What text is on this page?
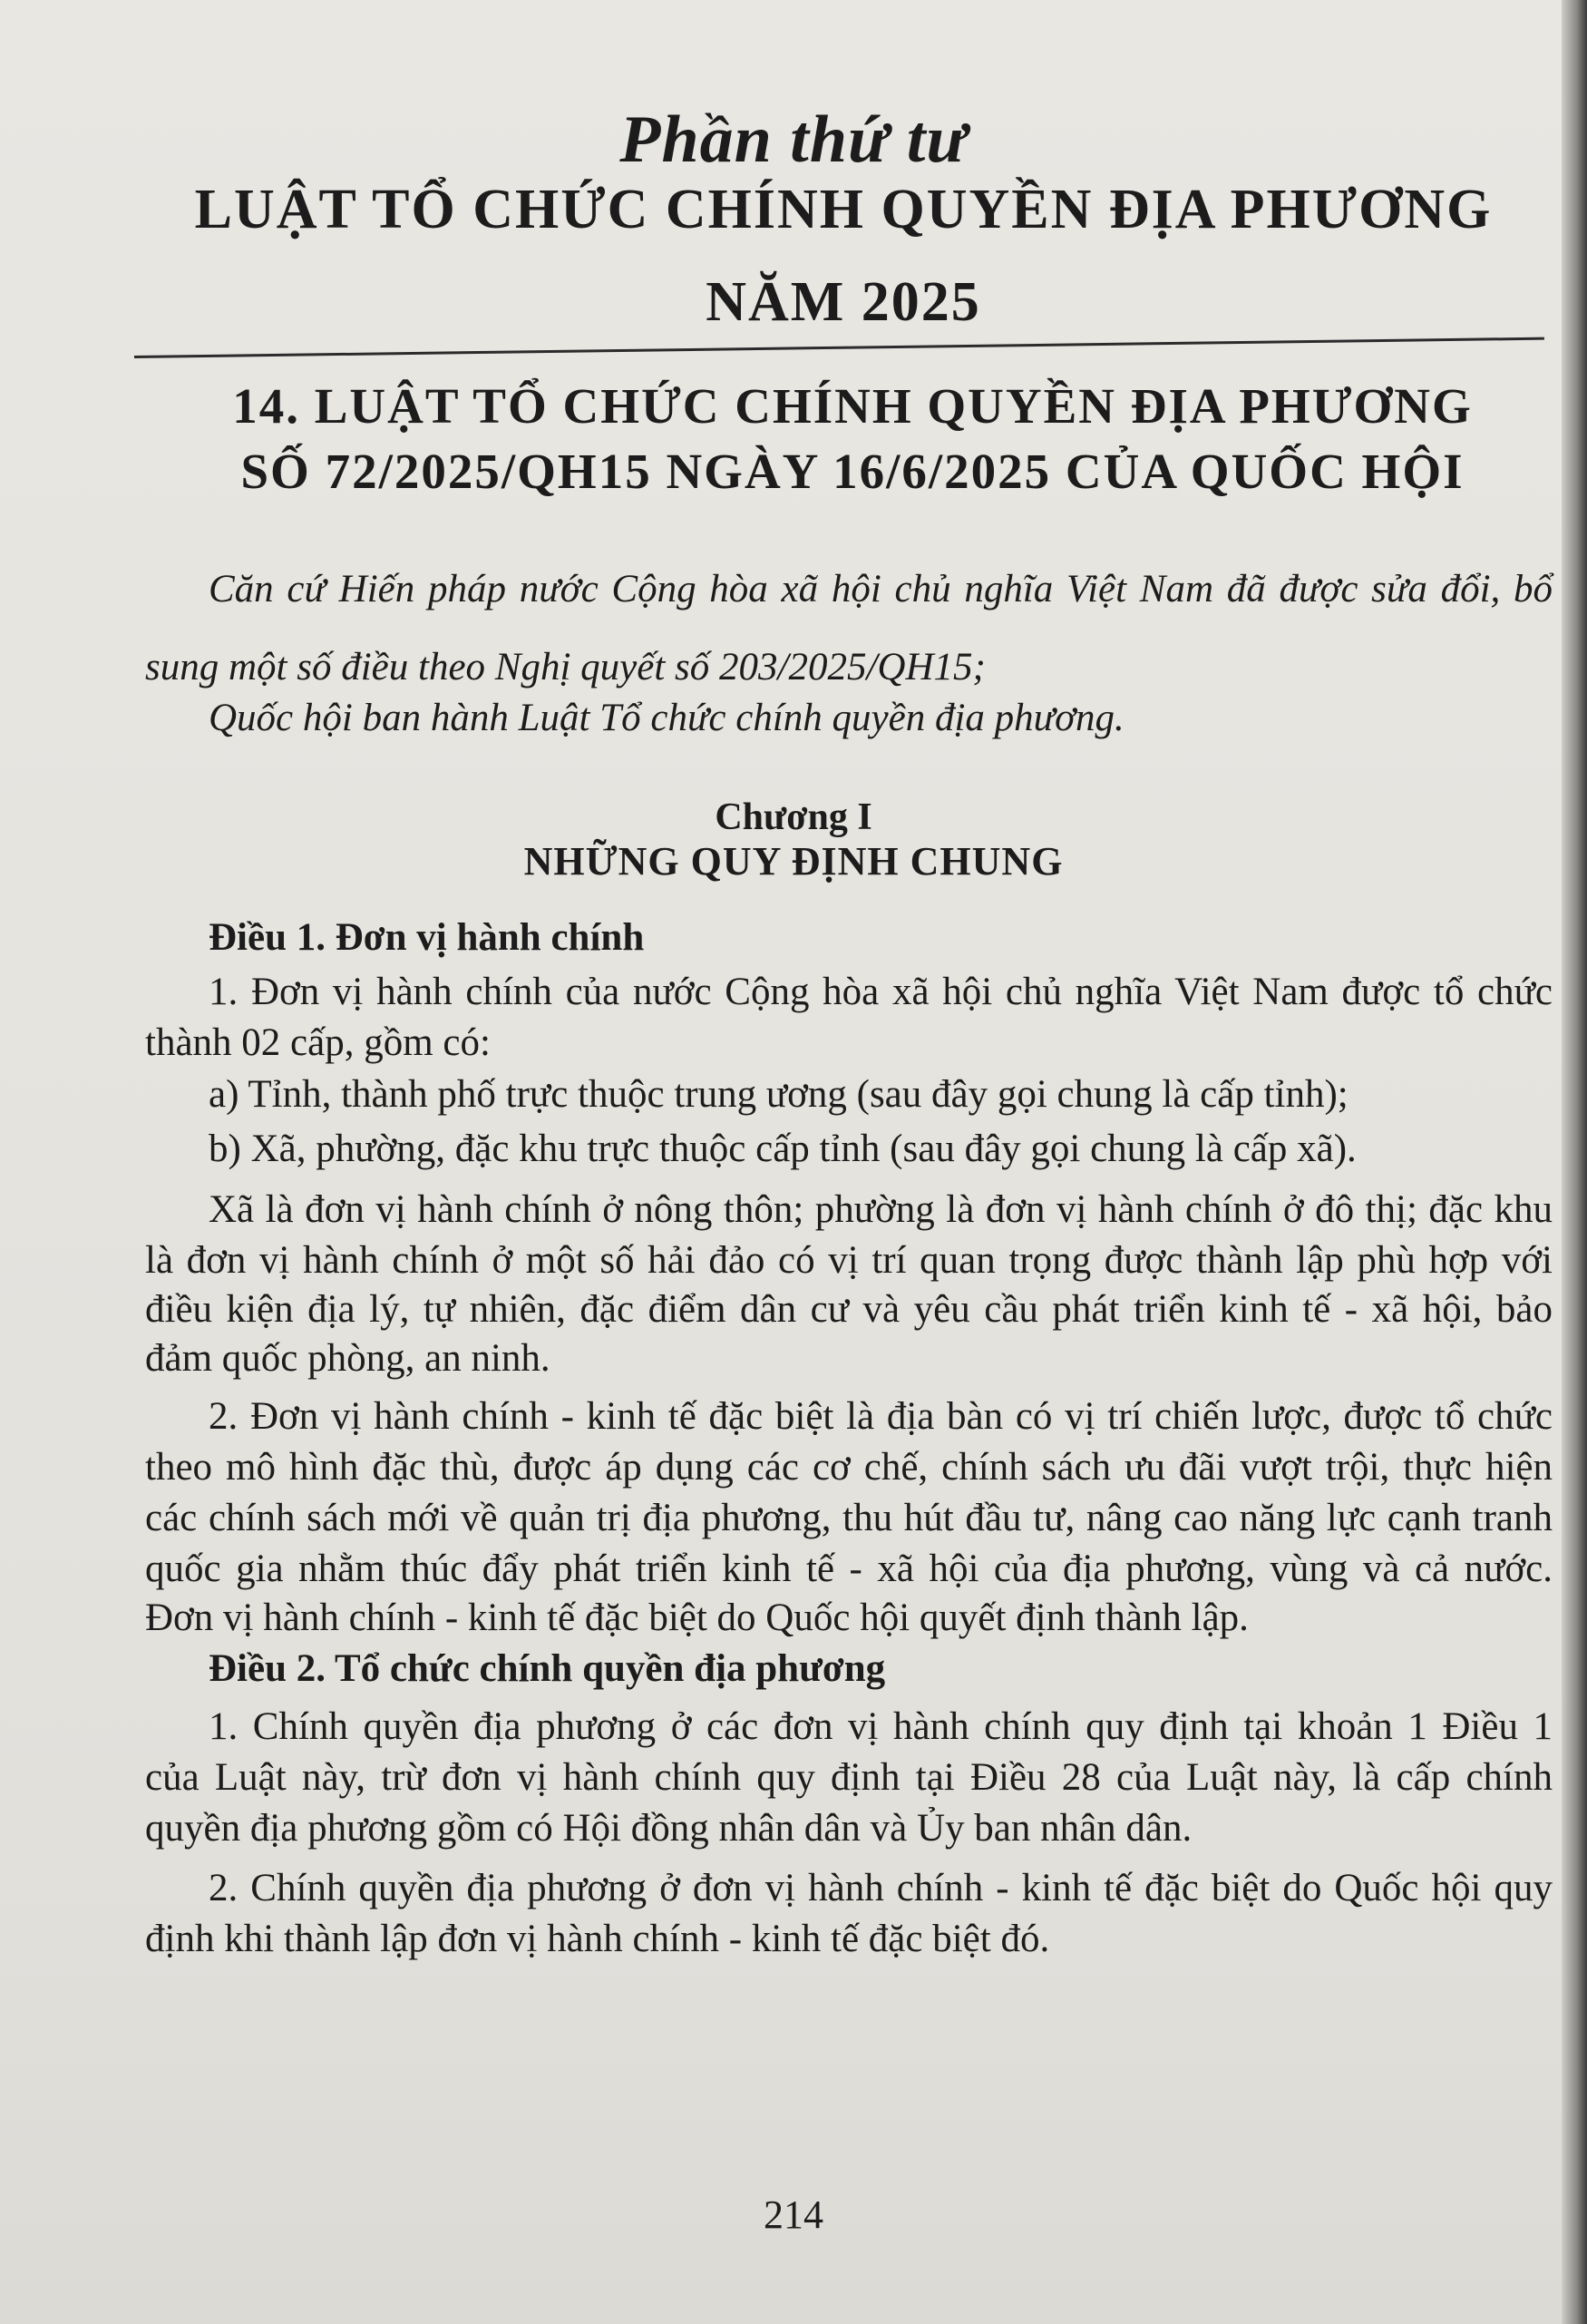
Phần thứ tư
LUẬT TỔ CHỨC CHÍNH QUYỀN ĐỊA PHƯƠNG
NĂM 2025
14. LUẬT TỔ CHỨC CHÍNH QUYỀN ĐỊA PHƯƠNG
SỐ 72/2025/QH15 NGÀY 16/6/2025 CỦA QUỐC HỘI
Căn cứ Hiến pháp nước Cộng hòa xã hội chủ nghĩa Việt Nam đã được sửa đổi, bổ
sung một số điều theo Nghị quyết số 203/2025/QH15;
Quốc hội ban hành Luật Tổ chức chính quyền địa phương.
Chương I
NHỮNG QUY ĐỊNH CHUNG
Điều 1. Đơn vị hành chính
1. Đơn vị hành chính của nước Cộng hòa xã hội chủ nghĩa Việt Nam được tổ chức
thành 02 cấp, gồm có:
a) Tỉnh, thành phố trực thuộc trung ương (sau đây gọi chung là cấp tỉnh);
b) Xã, phường, đặc khu trực thuộc cấp tỉnh (sau đây gọi chung là cấp xã).
Xã là đơn vị hành chính ở nông thôn; phường là đơn vị hành chính ở đô thị; đặc khu
là đơn vị hành chính ở một số hải đảo có vị trí quan trọng được thành lập phù hợp với
điều kiện địa lý, tự nhiên, đặc điểm dân cư và yêu cầu phát triển kinh tế - xã hội, bảo
đảm quốc phòng, an ninh.
2. Đơn vị hành chính - kinh tế đặc biệt là địa bàn có vị trí chiến lược, được tổ chức
theo mô hình đặc thù, được áp dụng các cơ chế, chính sách ưu đãi vượt trội, thực hiện
các chính sách mới về quản trị địa phương, thu hút đầu tư, nâng cao năng lực cạnh tranh
quốc gia nhằm thúc đẩy phát triển kinh tế - xã hội của địa phương, vùng và cả nước.
Đơn vị hành chính - kinh tế đặc biệt do Quốc hội quyết định thành lập.
Điều 2. Tổ chức chính quyền địa phương
1. Chính quyền địa phương ở các đơn vị hành chính quy định tại khoản 1 Điều 1
của Luật này, trừ đơn vị hành chính quy định tại Điều 28 của Luật này, là cấp chính
quyền địa phương gồm có Hội đồng nhân dân và Ủy ban nhân dân.
2. Chính quyền địa phương ở đơn vị hành chính - kinh tế đặc biệt do Quốc hội quy
định khi thành lập đơn vị hành chính - kinh tế đặc biệt đó.
214
